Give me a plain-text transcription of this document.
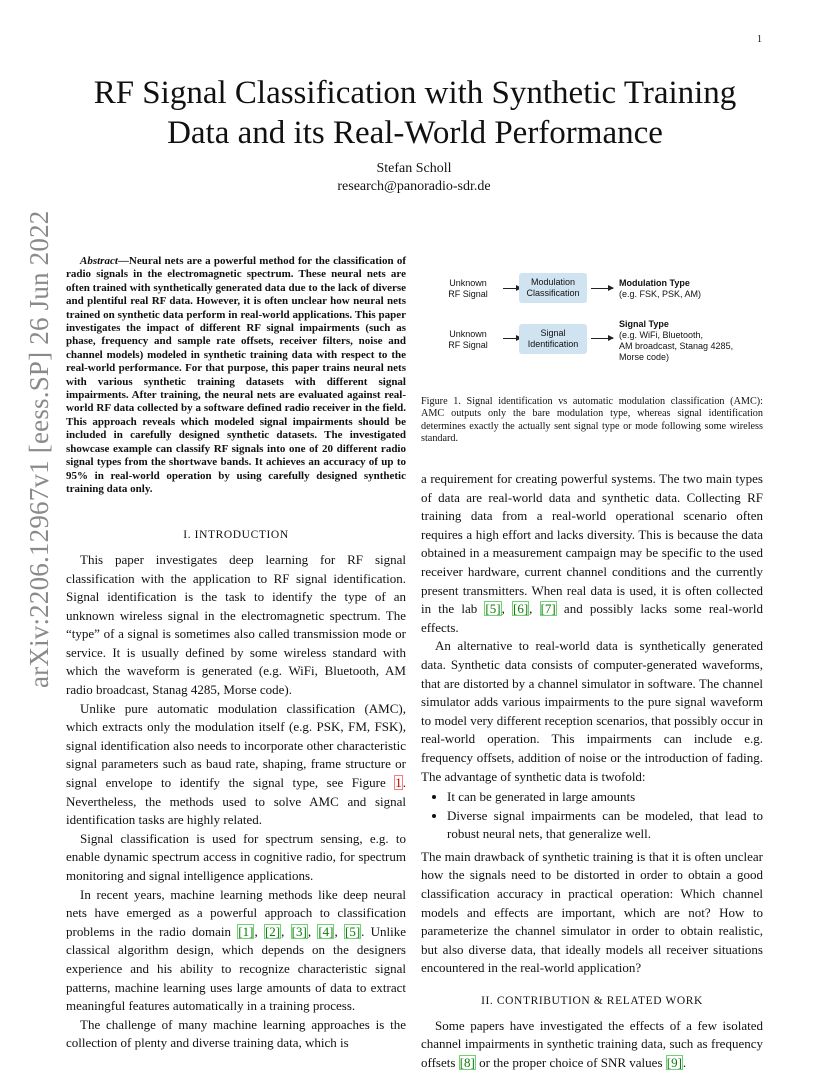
1
arXiv:2206.12967v1 [eess.SP] 26 Jun 2022
RF Signal Classification with Synthetic Training
Data and its Real-World Performance
Stefan Scholl
research@panoradio-sdr.de
Abstract—Neural nets are a powerful method for the classification of radio signals in the electromagnetic spectrum. These neural nets are often trained with synthetically generated data due to the lack of diverse and plentiful real RF data. However, it is often unclear how neural nets trained on synthetic data perform in real-world applications. This paper investigates the impact of different RF signal impairments (such as phase, frequency and sample rate offsets, receiver filters, noise and channel models) modeled in synthetic training data with respect to the real-world performance. For that purpose, this paper trains neural nets with various synthetic training datasets with different signal impairments. After training, the neural nets are evaluated against real-world RF data collected by a software defined radio receiver in the field. This approach reveals which modeled signal impairments should be included in carefully designed synthetic datasets. The investigated showcase example can classify RF signals into one of 20 different radio signal types from the shortwave bands. It achieves an accuracy of up to 95% in real-world operation by using carefully designed synthetic training data only.
I. INTRODUCTION

This paper investigates deep learning for RF signal classification with the application to RF signal identification. Signal identification is the task to identify the type of an unknown wireless signal in the electromagnetic spectrum. The “type” of a signal is sometimes also called transmission mode or service. It is usually defined by some wireless standard with which the waveform is generated (e.g. WiFi, Bluetooth, AM radio broadcast, Stanag 4285, Morse code).

Unlike pure automatic modulation classification (AMC), which extracts only the modulation itself (e.g. PSK, FM, FSK), signal identification also needs to incorporate other characteristic signal parameters such as baud rate, shaping, frame structure or signal envelope to identify the signal type, see Figure 1. Nevertheless, the methods used to solve AMC and signal identification tasks are highly related.

Signal classification is used for spectrum sensing, e.g. to enable dynamic spectrum access in cognitive radio, for spectrum monitoring and signal intelligence applications.

In recent years, machine learning methods like deep neural nets have emerged as a powerful approach to classification problems in the radio domain [1], [2], [3], [4], [5]. Unlike classical algorithm design, which depends on the designers experience and his ability to recognize characteristic signal patterns, machine learning uses large amounts of data to extract meaningful features automatically in a training process.

The challenge of many machine learning approaches is the collection of plenty and diverse training data, which is

Unknown
RF Signal
Modulation
Classification
Modulation Type
(e.g. FSK, PSK, AM)
Unknown
RF Signal
Signal
Identification
Signal Type
(e.g. WiFi, Bluetooth,
AM broadcast, Stanag 4285,
Morse code)
Figure 1. Signal identification vs automatic modulation classification (AMC): AMC outputs only the bare modulation type, whereas signal identification determines exactly the actually sent signal type or mode following some wireless standard.

a requirement for creating powerful systems. The two main types of data are real-world data and synthetic data. Collecting RF training data from a real-world operational scenario often requires a high effort and lacks diversity. This is because the data obtained in a measurement campaign may be specific to the used receiver hardware, current channel conditions and the currently present transmitters. When real data is used, it is often collected in the lab [5], [6], [7] and possibly lacks some real-world effects.

An alternative to real-world data is synthetically generated data. Synthetic data consists of computer-generated waveforms, that are distorted by a channel simulator in software. The channel simulator adds various impairments to the pure signal waveform to model very different reception scenarios, that possibly occur in real-world operation. This impairments can include e.g. frequency offsets, addition of noise or the introduction of fading. The advantage of synthetic data is twofold:

• It can be generated in large amounts
• Diverse signal impairments can be modeled, that lead to robust neural nets, that generalize well.

The main drawback of synthetic training is that it is often unclear how the signals need to be distorted in order to obtain a good classification accuracy in practical operation: Which channel models and effects are important, which are not? How to parameterize the channel simulator in order to obtain realistic, but also diverse data, that ideally models all receiver situations encountered in the real-world application?

II. CONTRIBUTION & RELATED WORK

Some papers have investigated the effects of a few isolated channel impairments in synthetic training data, such as frequency offsets [8] or the proper choice of SNR values [9].
